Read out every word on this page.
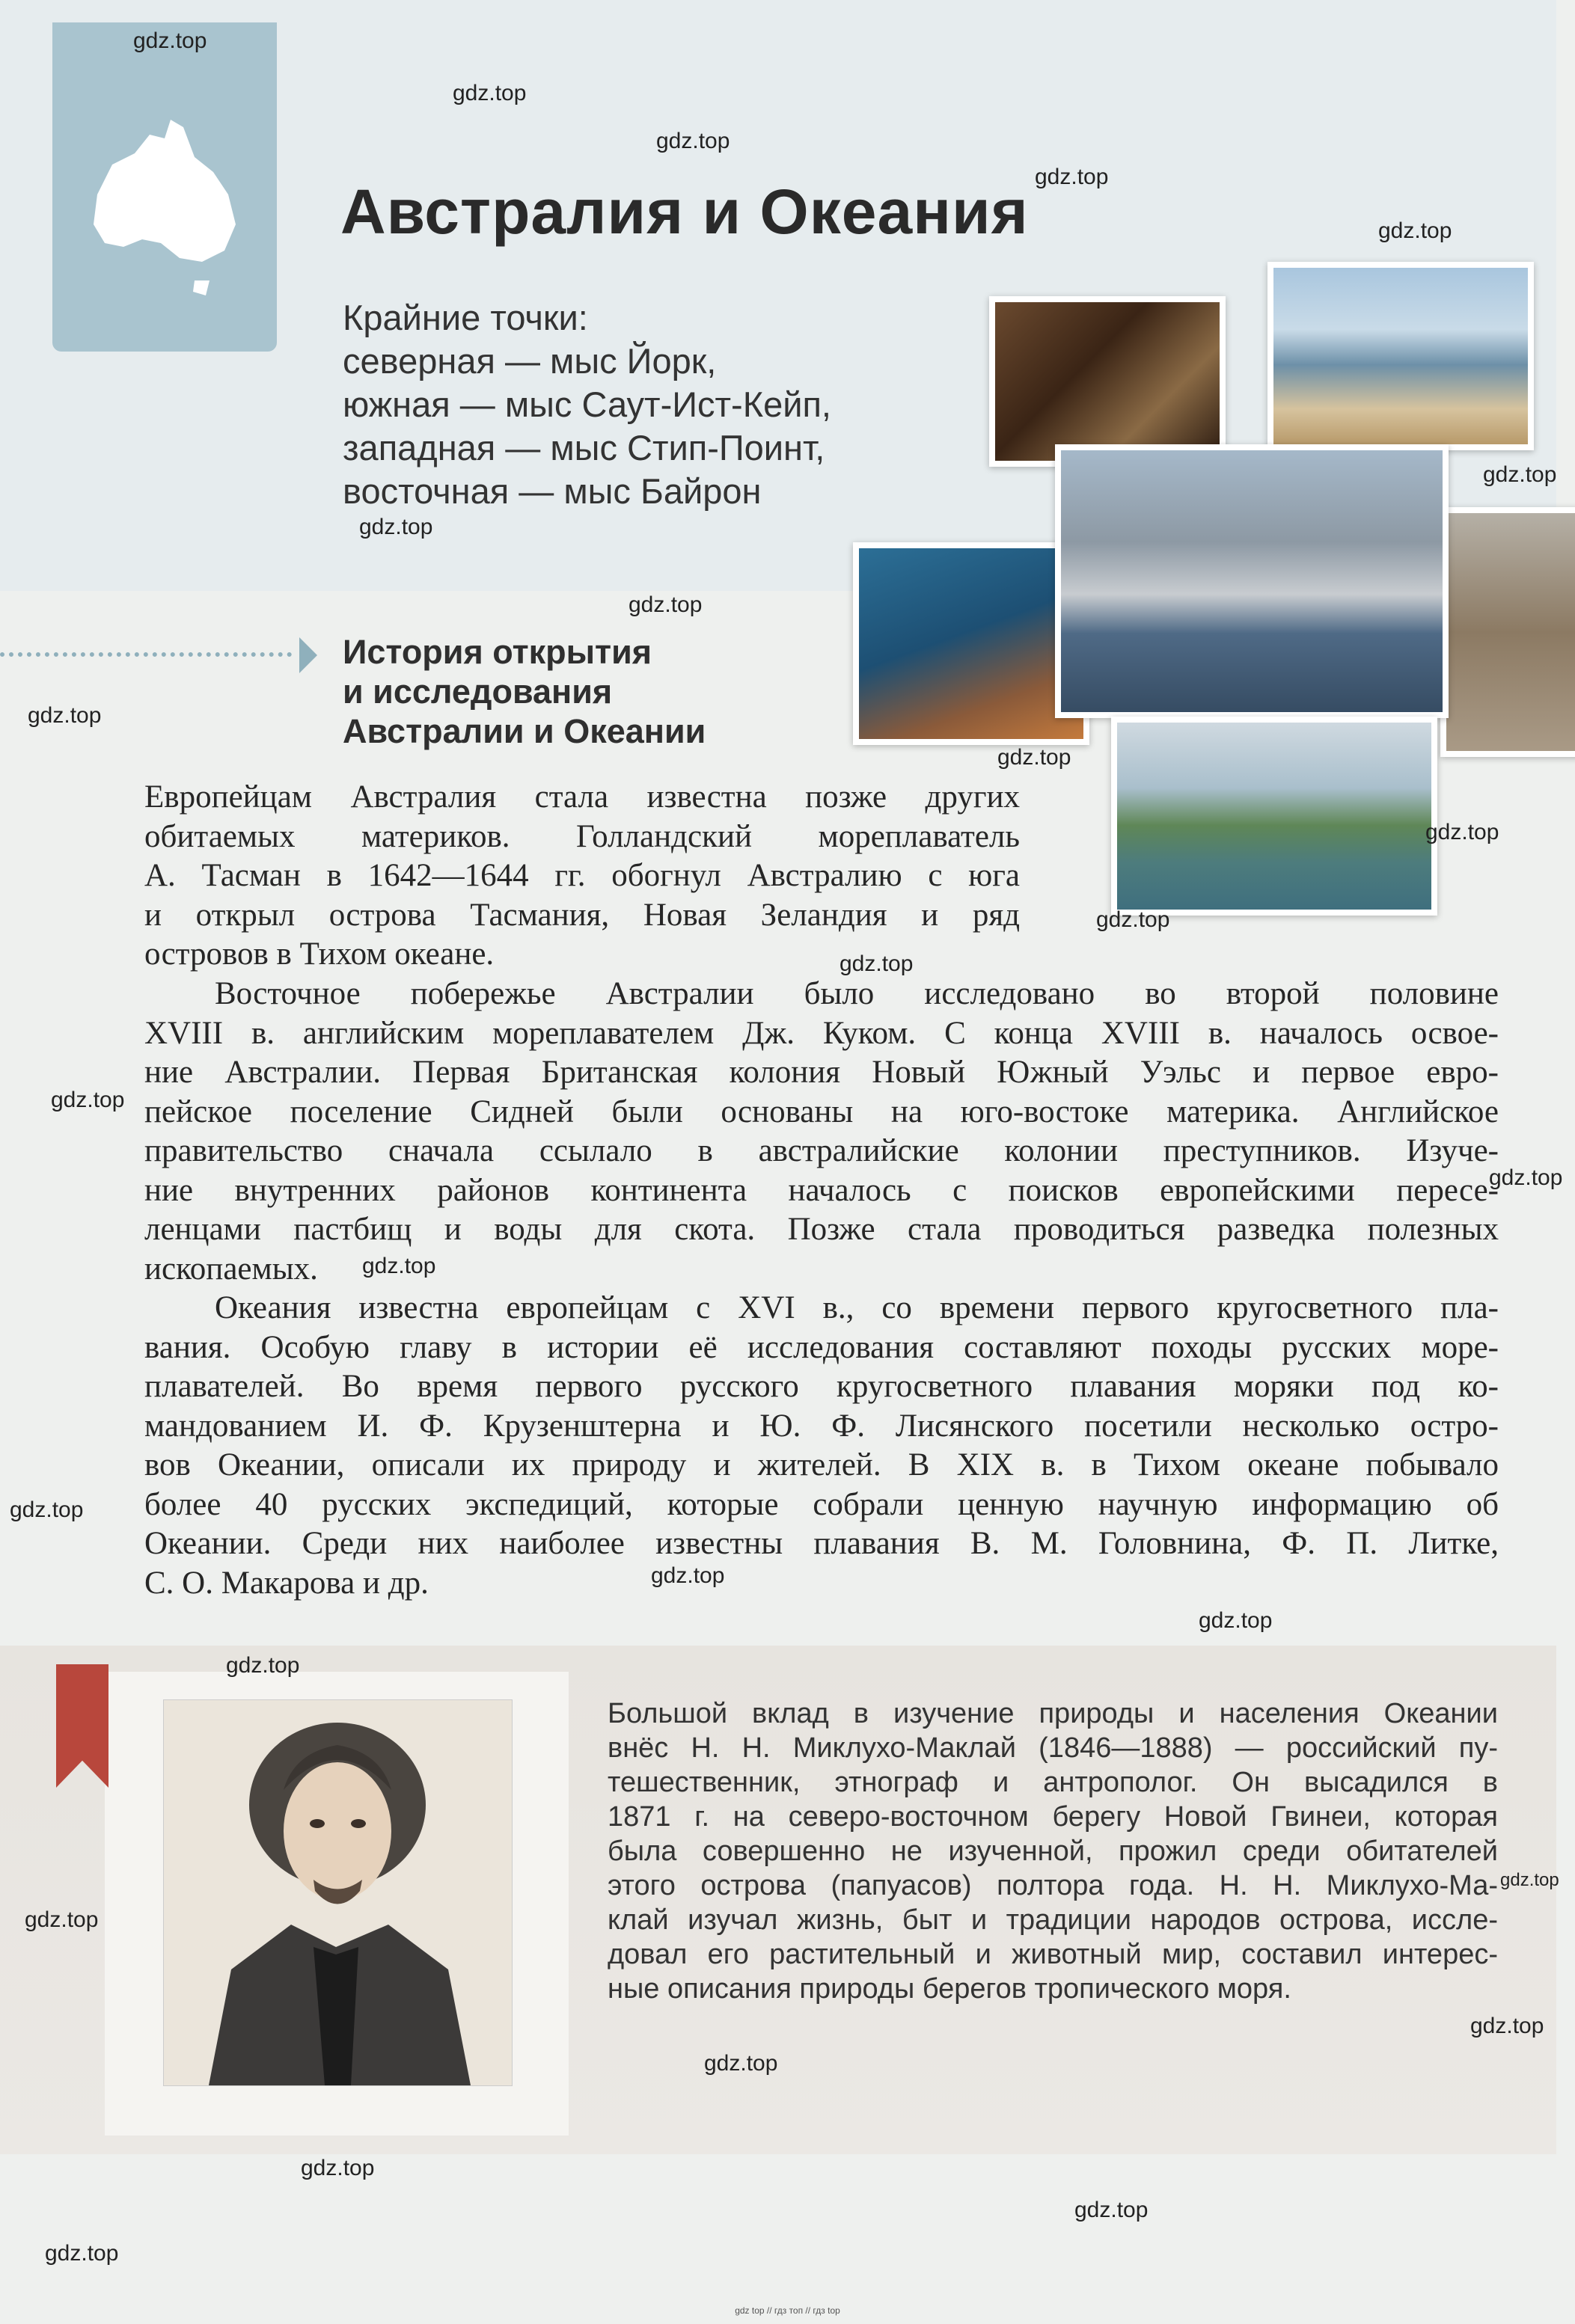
Австралия и Океания
Крайние точки:
северная — мыс Йорк,
южная — мыс Саут-Ист-Кейп,
западная — мыс Стип-Поинт,
восточная — мыс Байрон
История открытия
и исследования
Австралии и Океании
Европейцам Австралия стала известна позже других
обитаемых материков. Голландский мореплаватель
А. Тасман в 1642—1644 гг. обогнул Австралию с юга
и открыл острова Тасмания, Новая Зеландия и ряд
островов в Тихом океане.
Восточное побережье Австралии было исследовано во второй половине
XVIII в. английским мореплавателем Дж. Куком. С конца XVIII в. началось освое-
ние Австралии. Первая Британская колония Новый Южный Уэльс и первое евро-
пейское поселение Сидней были основаны на юго-востоке материка. Английское
правительство сначала ссылало в австралийские колонии преступников. Изуче-
ние внутренних районов континента началось с поисков европейскими пересе-
ленцами пастбищ и воды для скота. Позже стала проводиться разведка полезных
ископаемых.
Океания известна европейцам с XVI в., со времени первого кругосветного пла-
вания. Особую главу в истории её исследования составляют походы русских море-
плавателей. Во время первого русского кругосветного плавания моряки под ко-
мандованием И. Ф. Крузенштерна и Ю. Ф. Лисянского посетили несколько остро-
вов Океании, описали их природу и жителей. В XIX в. в Тихом океане побывало
более 40 русских экспедиций, которые собрали ценную научную информацию об
Океании. Среди них наиболее известны плавания В. М. Головнина, Ф. П. Литке,
С. О. Макарова и др.
Большой вклад в изучение природы и населения Океании
внёс Н. Н. Миклухо-Маклай (1846—1888) — российский пу-
тешественник, этнограф и антрополог. Он высадился в
1871 г. на северо-восточном берегу Новой Гвинеи, которая
была совершенно не изученной, прожил среди обитателей
этого острова (папуасов) полтора года. Н. Н. Миклухо-Ма-
клай изучал жизнь, быт и традиции народов острова, иссле-
довал его растительный и животный мир, составил интерес-
ные описания природы берегов тропического моря.
gdz.top
gdz.top
gdz.top
gdz.top
gdz.top
gdz.top
gdz.top
gdz.top
gdz.top
gdz.top
gdz.top
gdz.top
gdz.top
gdz.top
gdz.top
gdz.top
gdz.top
gdz.top
gdz.top
gdz.top
gdz.top
gdz.top
gdz.top
gdz.top
gdz.top
gdz.top
gdz.top
gdz top // гдз топ // гдз top
